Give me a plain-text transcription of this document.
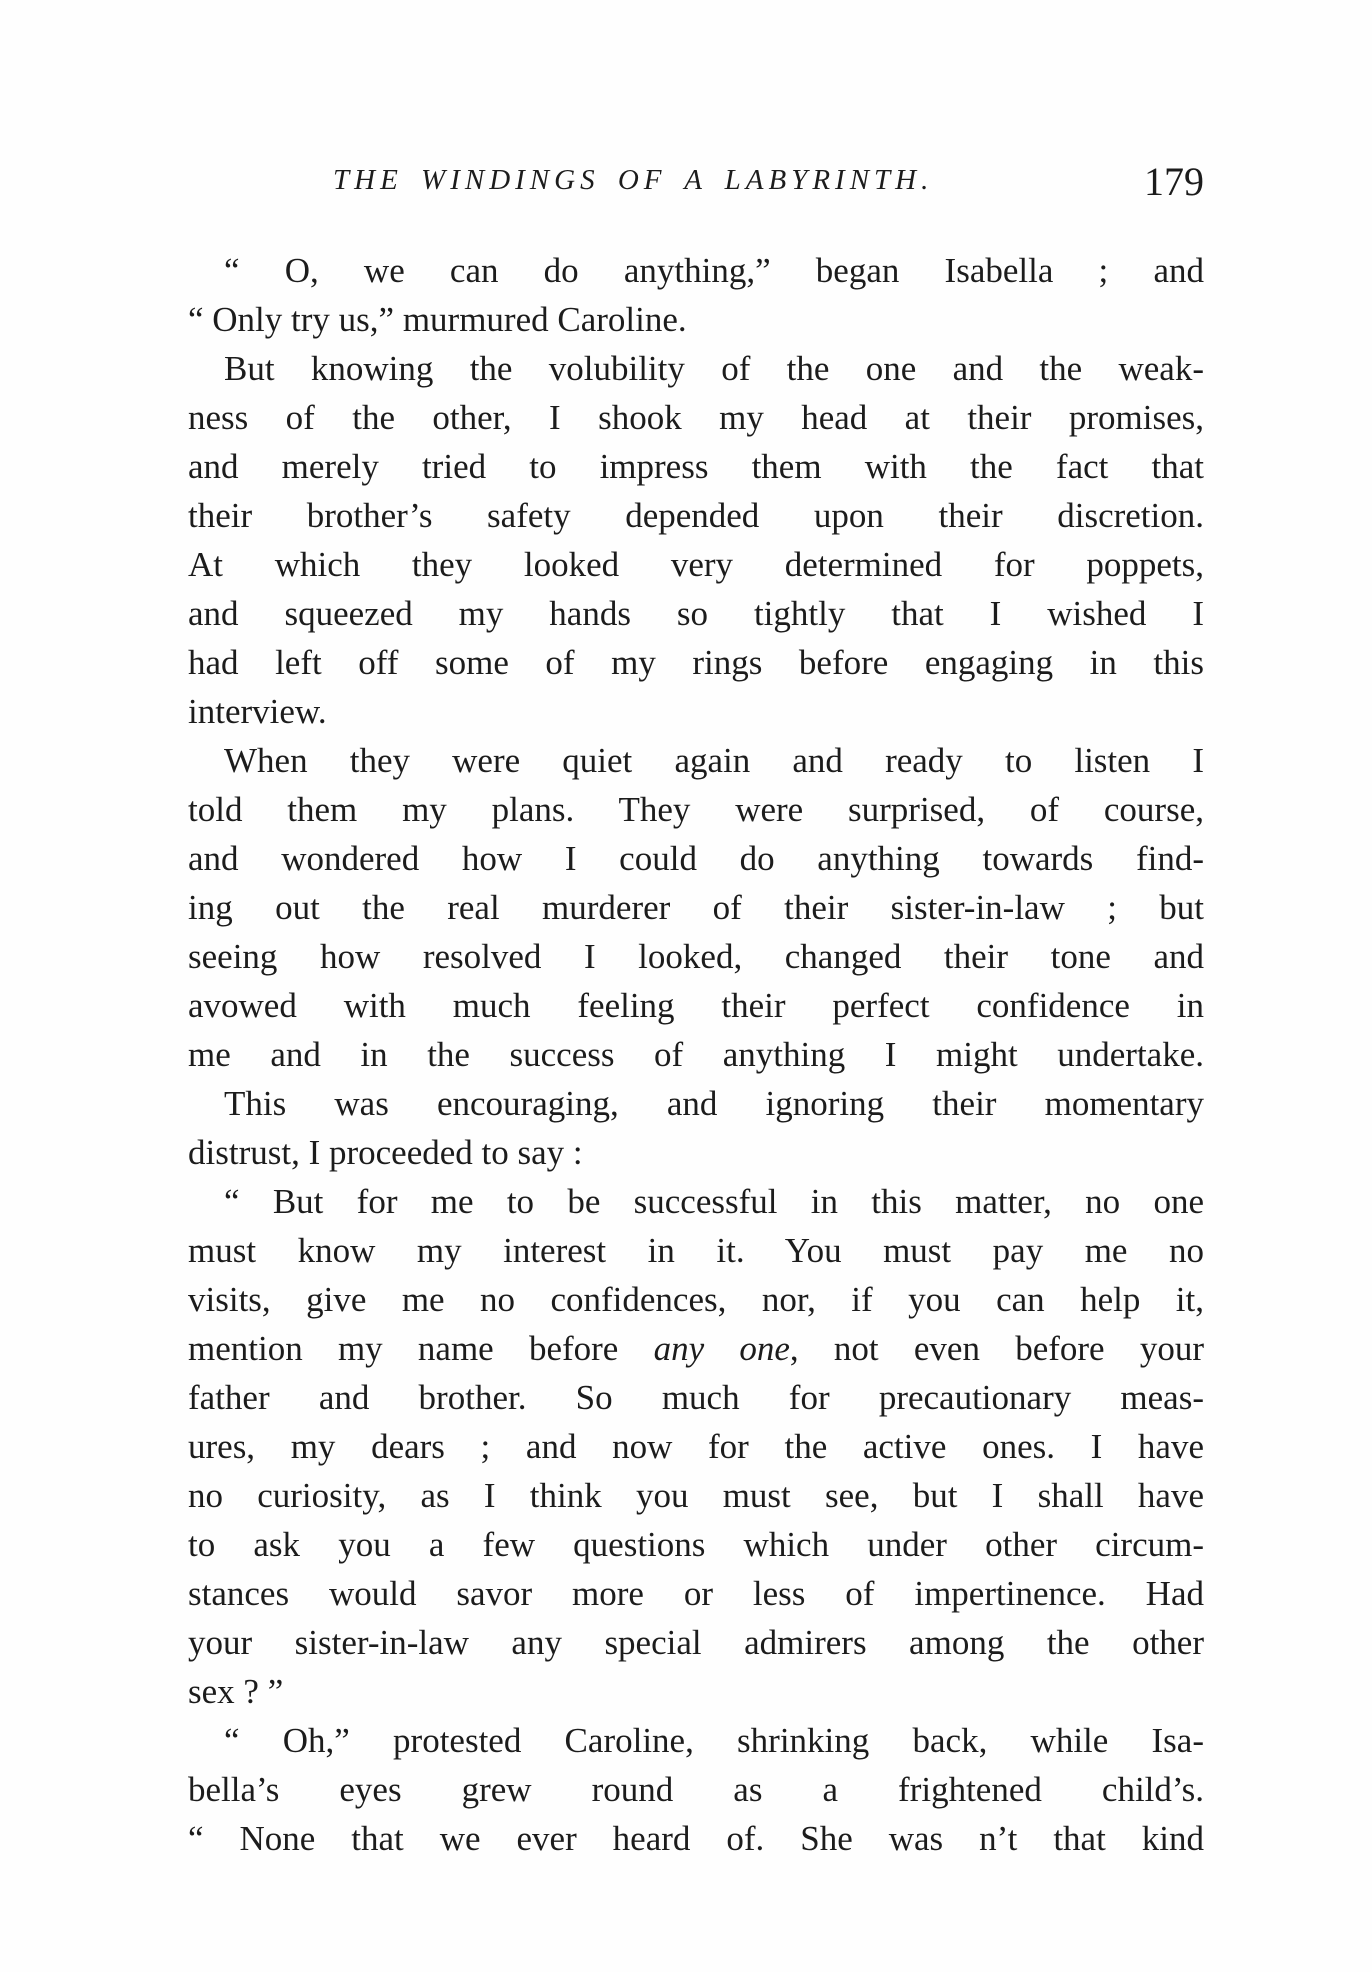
THE WINDINGS OF A LABYRINTH.	179
“ O, we can do anything,” began Isabella ; and
“ Only try us,” murmured Caroline.
But knowing the volubility of the one and the weak-
ness of the other, I shook my head at their promises,
and merely tried to impress them with the fact that
their brother’s safety depended upon their discretion.
At which they looked very determined for poppets,
and squeezed my hands so tightly that I wished I
had left off some of my rings before engaging in this
interview.
When they were quiet again and ready to listen I
told them my plans. They were surprised, of course,
and wondered how I could do anything towards find-
ing out the real murderer of their sister-in-law ; but
seeing how resolved I looked, changed their tone and
avowed with much feeling their perfect confidence in
me and in the success of anything I might undertake.
This was encouraging, and ignoring their momentary
distrust, I proceeded to say :
“ But for me to be successful in this matter, no one
must know my interest in it. You must pay me no
visits, give me no confidences, nor, if you can help it,
mention my name before any one, not even before your
father and brother. So much for precautionary meas-
ures, my dears ; and now for the active ones. I have
no curiosity, as I think you must see, but I shall have
to ask you a few questions which under other circum-
stances would savor more or less of impertinence. Had
your sister-in-law any special admirers among the other
sex ? ”
“ Oh,” protested Caroline, shrinking back, while Isa-
bella’s eyes grew round as a frightened child’s.
“ None that we ever heard of. She was n’t that kind
